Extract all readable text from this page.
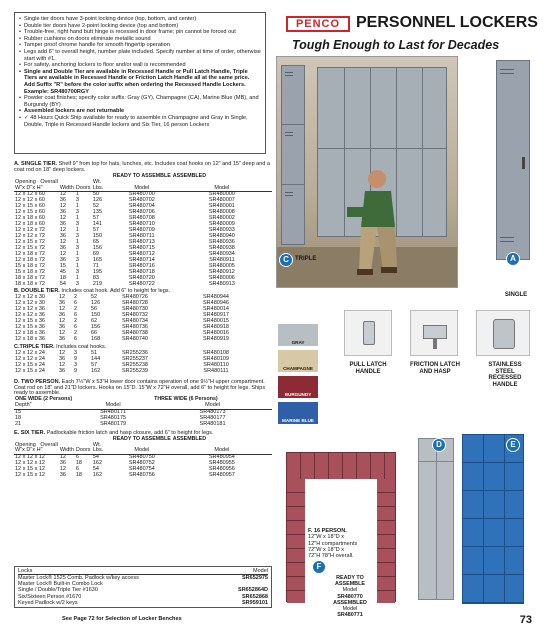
• Single tier doors have 3-point locking device (top, bottom, and center)
• Double tier doors have 2-point locking device (top and bottom)
• Trouble-free, right hand butt hinge is recessed in door frame; pin cannot be forced out
• Rubber cushions on doors eliminate metallic sound
• Tamper proof chrome handle for smooth fingertip operation
• Legs add 6" to overall height, number plate included. Specify number at time of order, otherwise start with #1.
• For safety, anchoring lockers to floor and/or wall is recommended
• Single and Double Tier are available in Recessed Handle or Pull Latch Handle, Triple Tiers are available in Recessed Handle or Friction Latch Handle all at the same price. Add Suffix "R" before the color suffix when ordering the Recessed Handle Lockers. Example: SR480700RGY
• Powder coat finishes; specify color suffix: Gray (GY), Champagne (CA), Marine Blue (MB), and Burgundy (BY)
• Assembled lockers are not returnable
• ✓ 48 Hours Quick Ship available for ready to assemble in Champagne and Gray in Single, Double, Triple in Recessed Handle lockers and Six Tier, 16 person Lockers
PENCO PERSONNEL LOCKERS
Tough Enough to Last for Decades
C	TRIPLE	A
SINGLE
GRAY
CHAMPAGNE
BURGUNDY
MARINE BLUE
PULL LATCH
HANDLE
FRICTION LATCH
AND HASP
STAINLESS
STEEL
RECESSED
HANDLE
F
F. 16 PERSON.
12"W x 18"D x
12"H compartments
72"W x 18"D x
72"H 78"H overall.
READY TO
ASSEMBLE
Model
SR480770
ASSEMBLED
Model
SR480771
D	E
A. SINGLE TIER. Shelf 9" from top for hats, lunches, etc. Includes coat hooks on 12" and 15" deep and a coat rod on 18" deep lockers.
				READY TO ASSEMBLE	ASSEMBLED
Opening Overall			Wt.		
W"x D"x H"	Width	Doors	Lbs.	Model	Model
12 x 12 x 60	12	1	50	SR480700	SR480000
12 x 12 x 60	36	3	126	SR480702	SR480007
12 x 15 x 60	12	1	52	SR480704	SR480001
12 x 15 x 60	36	3	135	SR480706	SR480008
12 x 18 x 60	12	1	57	SR480708	SR480002
12 x 18 x 60	36	3	141	SR480710	SR480009
12 x 12 x 72	12	1	57	SR480709	SR480933
12 x 12 x 72	36	3	150	SR480711	SR480940
12 x 15 x 72	12	1	65	SR480713	SR480936
12 x 15 x 72	36	3	156	SR480715	SR480938
12 x 18 x 72	12	1	69	SR480712	SR480934
12 x 18 x 72	36	3	165	SR480714	SR480911
15 x 18 x 72	15	1	71	SR480716	SR480005
15 x 18 x 72	45	3	195	SR480718	SR480912
18 x 18 x 72	18	1	83	SR480720	SR480006
18 x 18 x 72	54	3	219	SR480722	SR480913
B. DOUBLE TIER. Includes coat hook. Add 6" to height for legs.
12 x 12 x 30	12	2	52	SR480726	SR480944
12 x 12 x 30	36	6	126	SR480728	SR480946
12 x 12 x 36	12	2	56	SR480730	SR480014
12 x 12 x 36	36	6	150	SR480732	SR480917
12 x 15 x 36	12	2	62	SR480734	SR480015
12 x 15 x 36	36	6	156	SR480736	SR480918
12 x 18 x 36	12	2	66	SR480738	SR480016
12 x 18 x 36	36	6	168	SR480740	SR480919
C.TRIPLE TIER. Includes coat hooks.
12 x 12 x 24	12	3	51	SR255236	SR480108
12 x 12 x 24	36	9	144	SR255237	SR480109
12 x 15 x 24	12	3	57	SR255238	SR480110
12 x 15 x 24	36	9	162	SR255239	SR480111
D. TWO PERSON. Each 7½"W x 53"H lower door contains operation of one 9½"H upper compartment. Coat rod on 18" and 21"D lockers. Hooks on 15"D. 15"W x 72"H overall, add 6" to height for legs. Ships ready to assemble.
ONE WIDE (2 Persons)		THREE WIDE (6 Persons)
Depth"	Model	Model
15	SR480171	SR480173
18	SR480175	SR480177
21	SR480179	SR480181
E. SIX TIER. Padlockable friction latch and hasp closure, add 6" to height for legs.
				READY TO ASSEMBLE	ASSEMBLED
Opening Overall			Wt.		
W"x D"x H"	Width	Doors	Lbs.	Model	Model
12 x 12 x 12	12	6	54	SR480750	SR480954
12 x 12 x 12	36	18	162	SR480752	SR480955
12 x 15 x 12	12	6	54	SR480754	SR480956
12 x 15 x 12	36	18	162	SR480756	SR480957
Locks	Model
Master Lock® 1525 Comb. Padlock w/key access	SR652975
Master Lock® Built-in Combo Lock
Single / Double/Triple Tier #1630	SR652864D
Six/Sixteen Person #1670	SR652868
Keyed Padlock w/2 keys	SR959101
See Page 72 for Selection of Locker Benches	73
